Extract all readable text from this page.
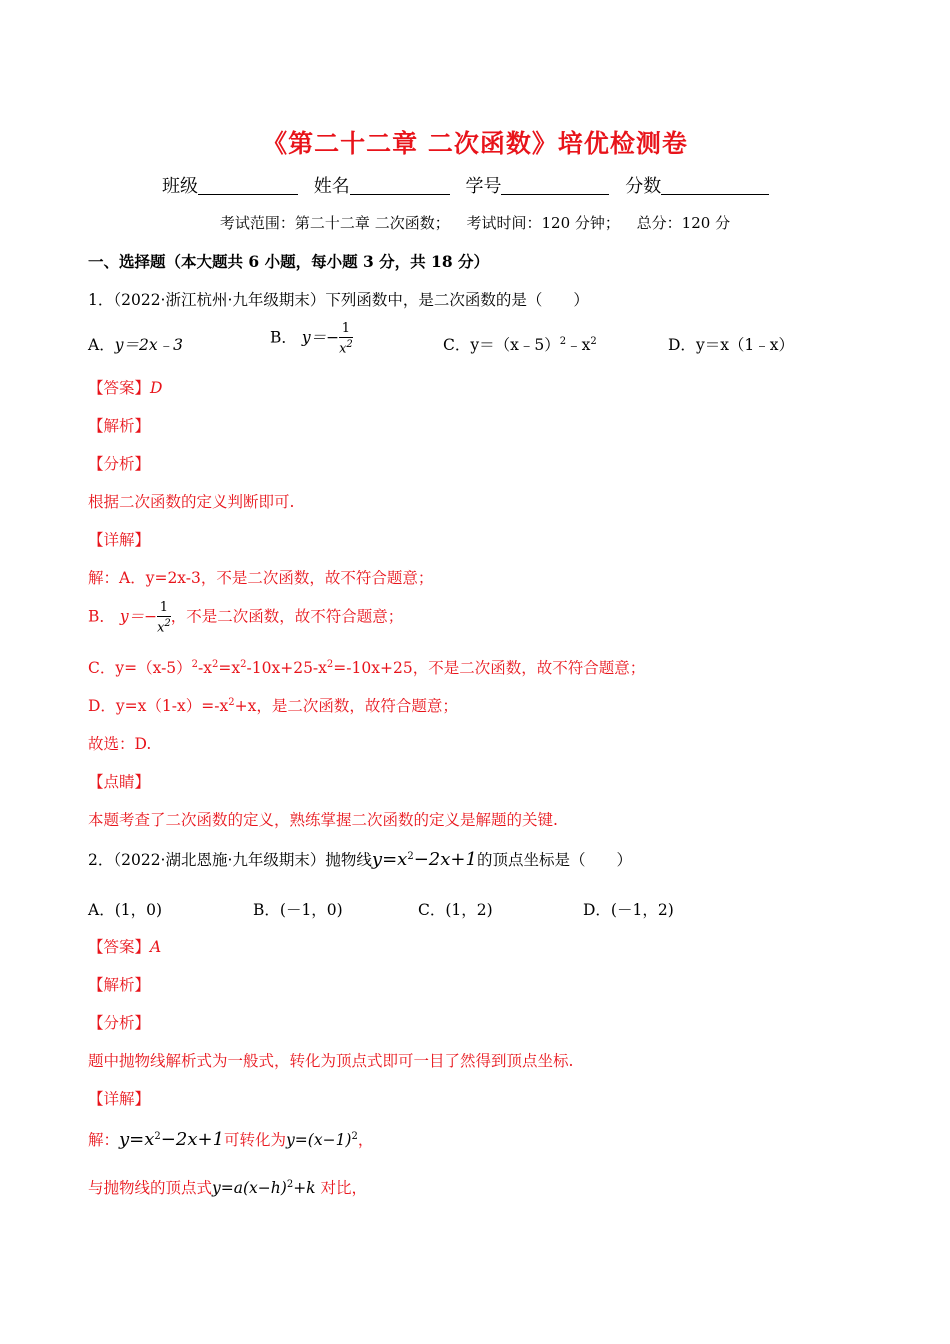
《第二十二章 二次函数》培优检测卷
班级	姓名	学号	分数
考试范围：第二十二章 二次函数； 考试时间：120 分钟； 总分：120 分
一、选择题（本大题共 6 小题，每小题 3 分，共 18 分）
1．（2022·浙江杭州·九年级期末）下列函数中，是二次函数的是（　　）
A．y＝2x﹣3	B． $y=- \frac{1}{x^2}$	C．$y=(x﹣5)^2﹣x^2$	D．y＝x（1﹣x）
【答案】D
【解析】
【分析】
根据二次函数的定义判断即可.
【详解】
解：A．y=2x-3，不是二次函数，故不符合题意；
B． $y=- \frac{1}{x^2}$ ，不是二次函数，故不符合题意；
C．$y=(x-5)^2-x^2=x^2-10x+25-x^2=-10x+25$，不是二次函数，故不符合题意；
D．$y=x(1-x)=-x^2+x$，是二次函数，故符合题意；
故选：D.
【点睛】
本题考查了二次函数的定义，熟练掌握二次函数的定义是解题的关键.
2．（2022·湖北恩施·九年级期末）抛物线$y=x^2-2x+1$的顶点坐标是（　　）
A．(1，0)	B．(－1，0)	C．(1，2)	D．(－1，2)
【答案】A
【解析】
【分析】
题中抛物线解析式为一般式，转化为顶点式即可一目了然得到顶点坐标.
【详解】
解：$y=x^2-2x+1$可转化为$y=(x-1)^2$，
与抛物线的顶点式$y=a(x-h)^2+k$ 对比，
